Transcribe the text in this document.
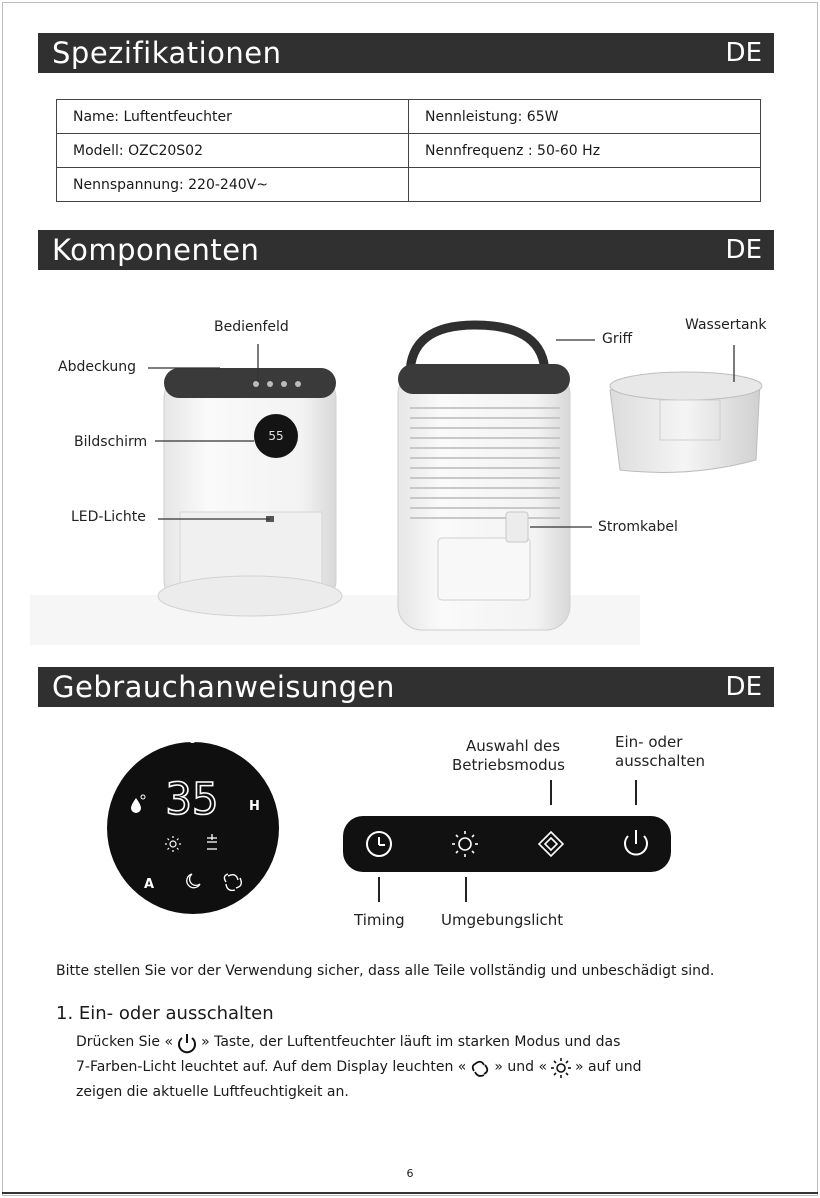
Spezifikationen	DE
Name: Luftentfeuchter	Nennleistung: 65W
Modell: OZC20S02	Nennfrequenz : 50-60 Hz
Nennspannung: 220-240V~	
Komponenten	DE
55
Bedienfeld
Abdeckung
Bildschirm
LED-Lichte
Griff
Wassertank
Stromkabel
Gebrauchanweisungen	DE
35 H
A
Auswahl des
Betriebsmodus
Ein- oder
ausschalten
Timing Umgebungslicht
Bitte stellen Sie vor der Verwendung sicher, dass alle Teile vollständig und unbeschädigt sind.
1. Ein- oder ausschalten
Drücken Sie « » Taste, der Luftentfeuchter läuft im starken Modus und das
7-Farben-Licht leuchtet auf. Auf dem Display leuchten « » und « » auf und
zeigen die aktuelle Luftfeuchtigkeit an.
6
